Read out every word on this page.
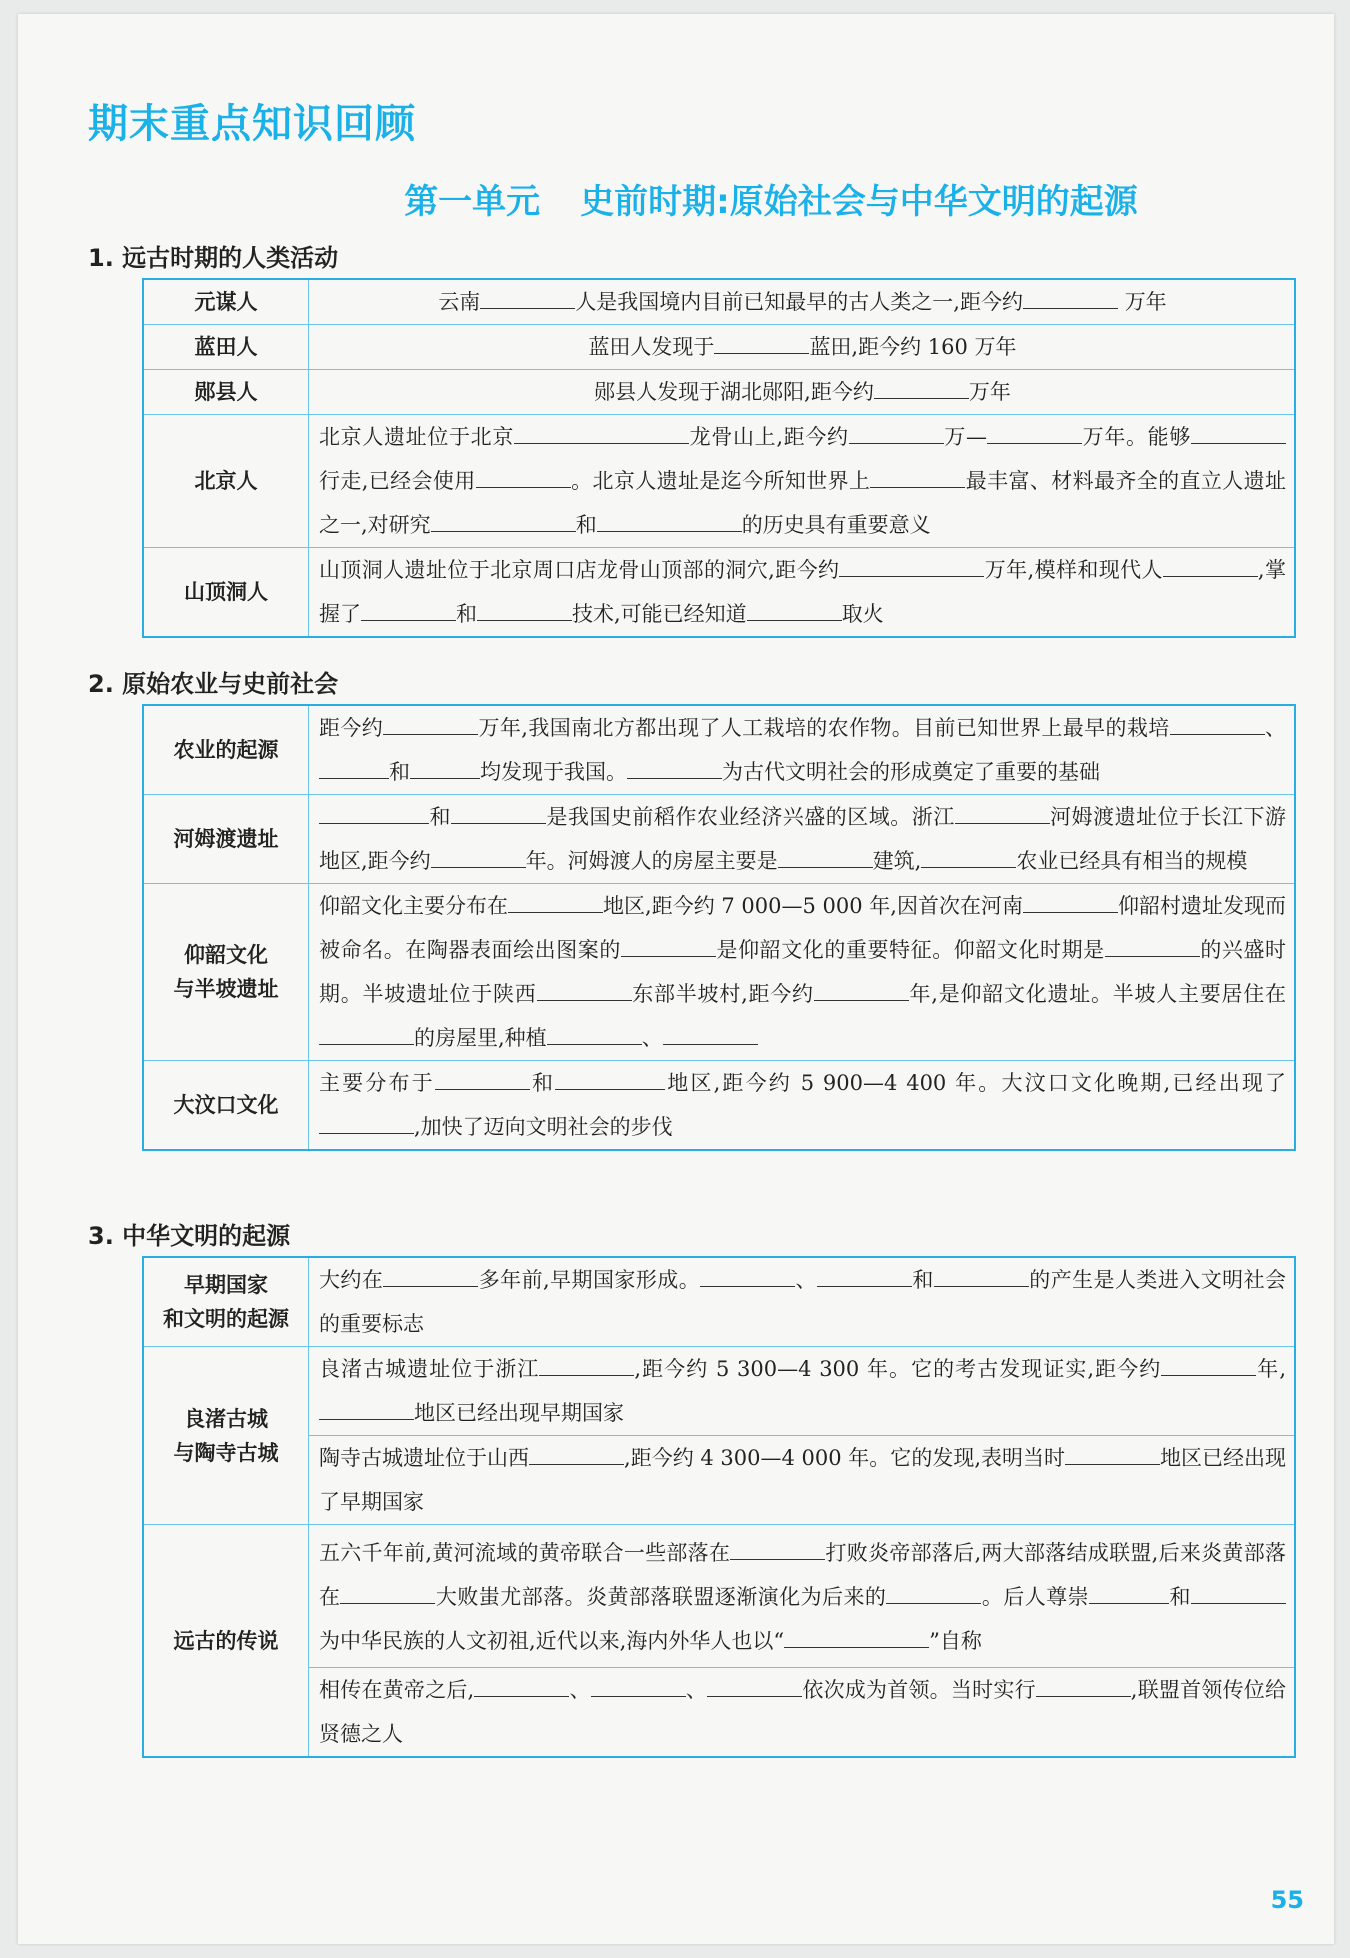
期末重点知识回顾
第一单元 史前时期:原始社会与中华文明的起源
1. 远古时期的人类活动
元谋人	云南 人是我国境内目前已知最早的古人类之一,距今约 万年
蓝田人	蓝田人发现于 蓝田,距今约 160 万年
郧县人	郧县人发现于湖北郧阳,距今约 万年
北京人	北京人遗址位于北京 龙骨山上,距今约 万— 万年。能够行走,已经会使用 。北京人遗址是迄今所知世界上 最丰富、材料最齐全的直立人遗址之一,对研究 和 的历史具有重要意义
山顶洞人	山顶洞人遗址位于北京周口店龙骨山顶部的洞穴,距今约 万年,模样和现代人 ,掌握了 和 技术,可能已经知道 取火
2. 原始农业与史前社会
农业的起源	距今约 万年,我国南北方都出现了人工栽培的农作物。目前已知世界上最早的栽培 、和 均发现于我国。 为古代文明社会的形成奠定了重要的基础
河姆渡遗址	和 是我国史前稻作农业经济兴盛的区域。浙江 河姆渡遗址位于长江下游地区,距今约 年。河姆渡人的房屋主要是 建筑, 农业已经具有相当的规模
仰韶文化
与半坡遗址	仰韶文化主要分布在 地区,距今约 7 000—5 000 年,因首次在河南 仰韶村遗址发现而被命名。在陶器表面绘出图案的 是仰韶文化的重要特征。仰韶文化时期是 的兴盛时期。半坡遗址位于陕西 东部半坡村,距今约 年,是仰韶文化遗址。半坡人主要居住在的房屋里,种植 、
大汶口文化	主要分布于 和 地区,距今约 5 900—4 400 年。大汶口文化晚期,已经出现了,加快了迈向文明社会的步伐
3. 中华文明的起源
早期国家
和文明的起源	大约在 多年前,早期国家形成。 、 和 的产生是人类进入文明社会的重要标志
良渚古城
与陶寺古城	良渚古城遗址位于浙江 ,距今约 5 300—4 300 年。它的考古发现证实,距今约 年,地区已经出现早期国家
	陶寺古城遗址位于山西 ,距今约 4 300—4 000 年。它的发现,表明当时 地区已经出现了早期国家
远古的传说	五六千年前,黄河流域的黄帝联合一些部落在 打败炎帝部落后,两大部落结成联盟,后来炎黄部落在 大败蚩尤部落。炎黄部落联盟逐渐演化为后来的 。后人尊崇 和为中华民族的人文初祖,近代以来,海内外华人也以“ ”自称
	相传在黄帝之后, 、 、 依次成为首领。当时实行 ,联盟首领传位给贤德之人
55
